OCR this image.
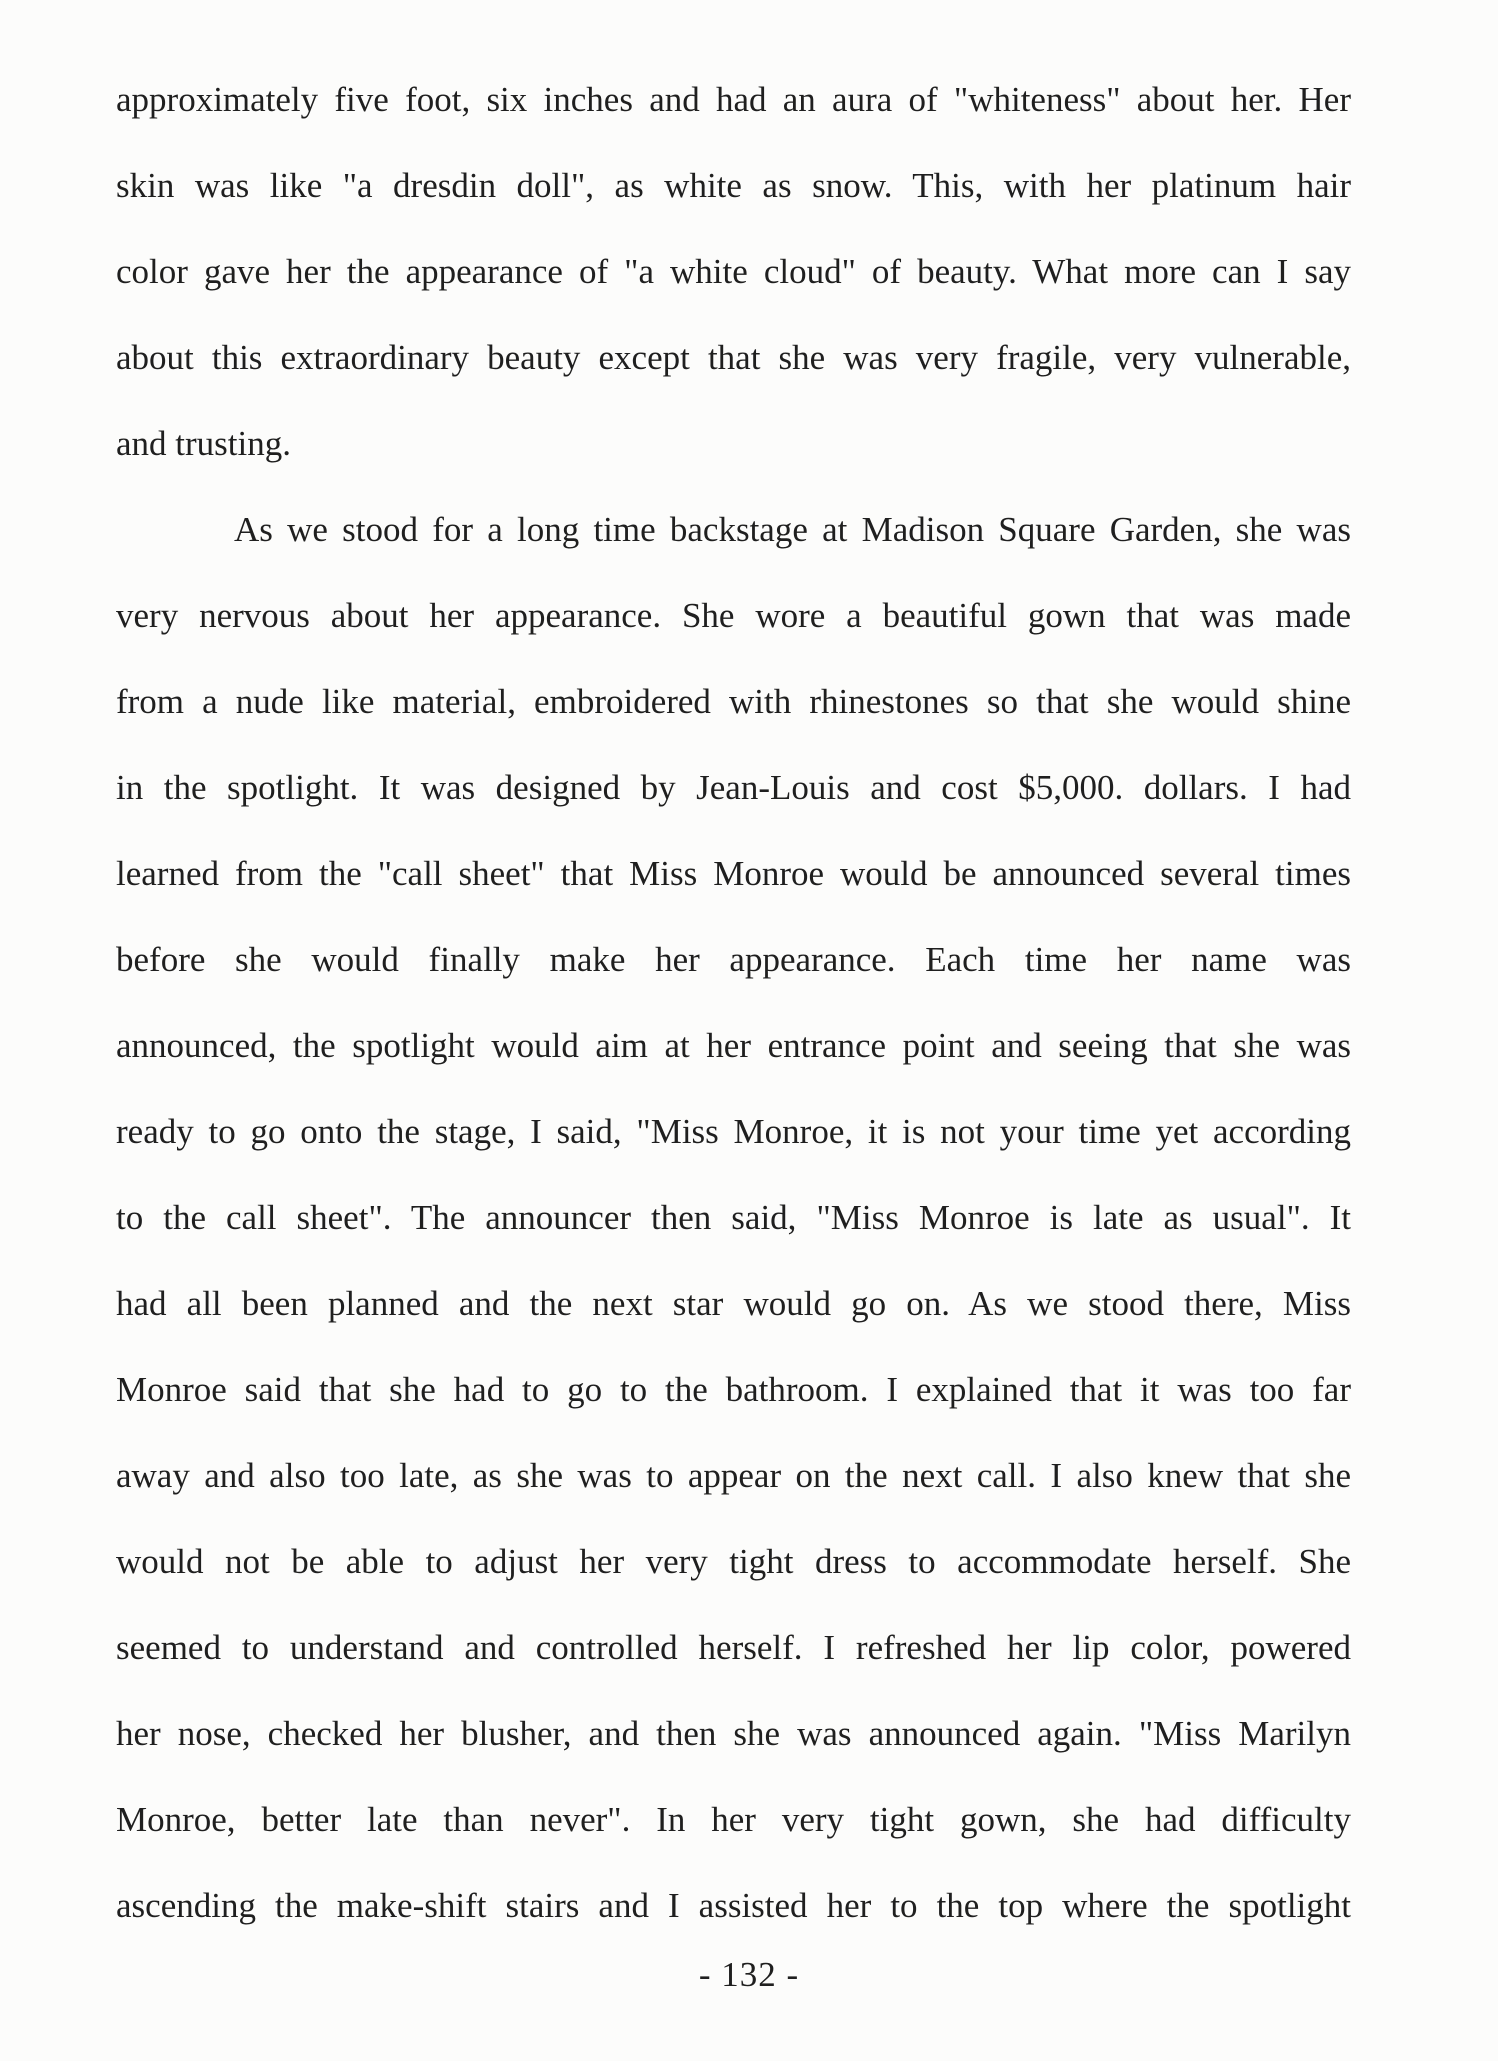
approximately five foot, six inches and had an aura of "whiteness" about her. Her
skin was like "a dresdin doll", as white as snow. This, with her platinum hair
color gave her the appearance of "a white cloud" of beauty. What more can I say
about this extraordinary beauty except that she was very fragile, very vulnerable,
and trusting.
As we stood for a long time backstage at Madison Square Garden, she was
very nervous about her appearance. She wore a beautiful gown that was made
from a nude like material, embroidered with rhinestones so that she would shine
in the spotlight. It was designed by Jean-Louis and cost $5,000. dollars. I had
learned from the "call sheet" that Miss Monroe would be announced several times
before she would finally make her appearance. Each time her name was
announced, the spotlight would aim at her entrance point and seeing that she was
ready to go onto the stage, I said, "Miss Monroe, it is not your time yet according
to the call sheet". The announcer then said, "Miss Monroe is late as usual". It
had all been planned and the next star would go on. As we stood there, Miss
Monroe said that she had to go to the bathroom. I explained that it was too far
away and also too late, as she was to appear on the next call. I also knew that she
would not be able to adjust her very tight dress to accommodate herself. She
seemed to understand and controlled herself. I refreshed her lip color, powered
her nose, checked her blusher, and then she was announced again. "Miss Marilyn
Monroe, better late than never". In her very tight gown, she had difficulty
ascending the make-shift stairs and I assisted her to the top where the spotlight
- 132 -
